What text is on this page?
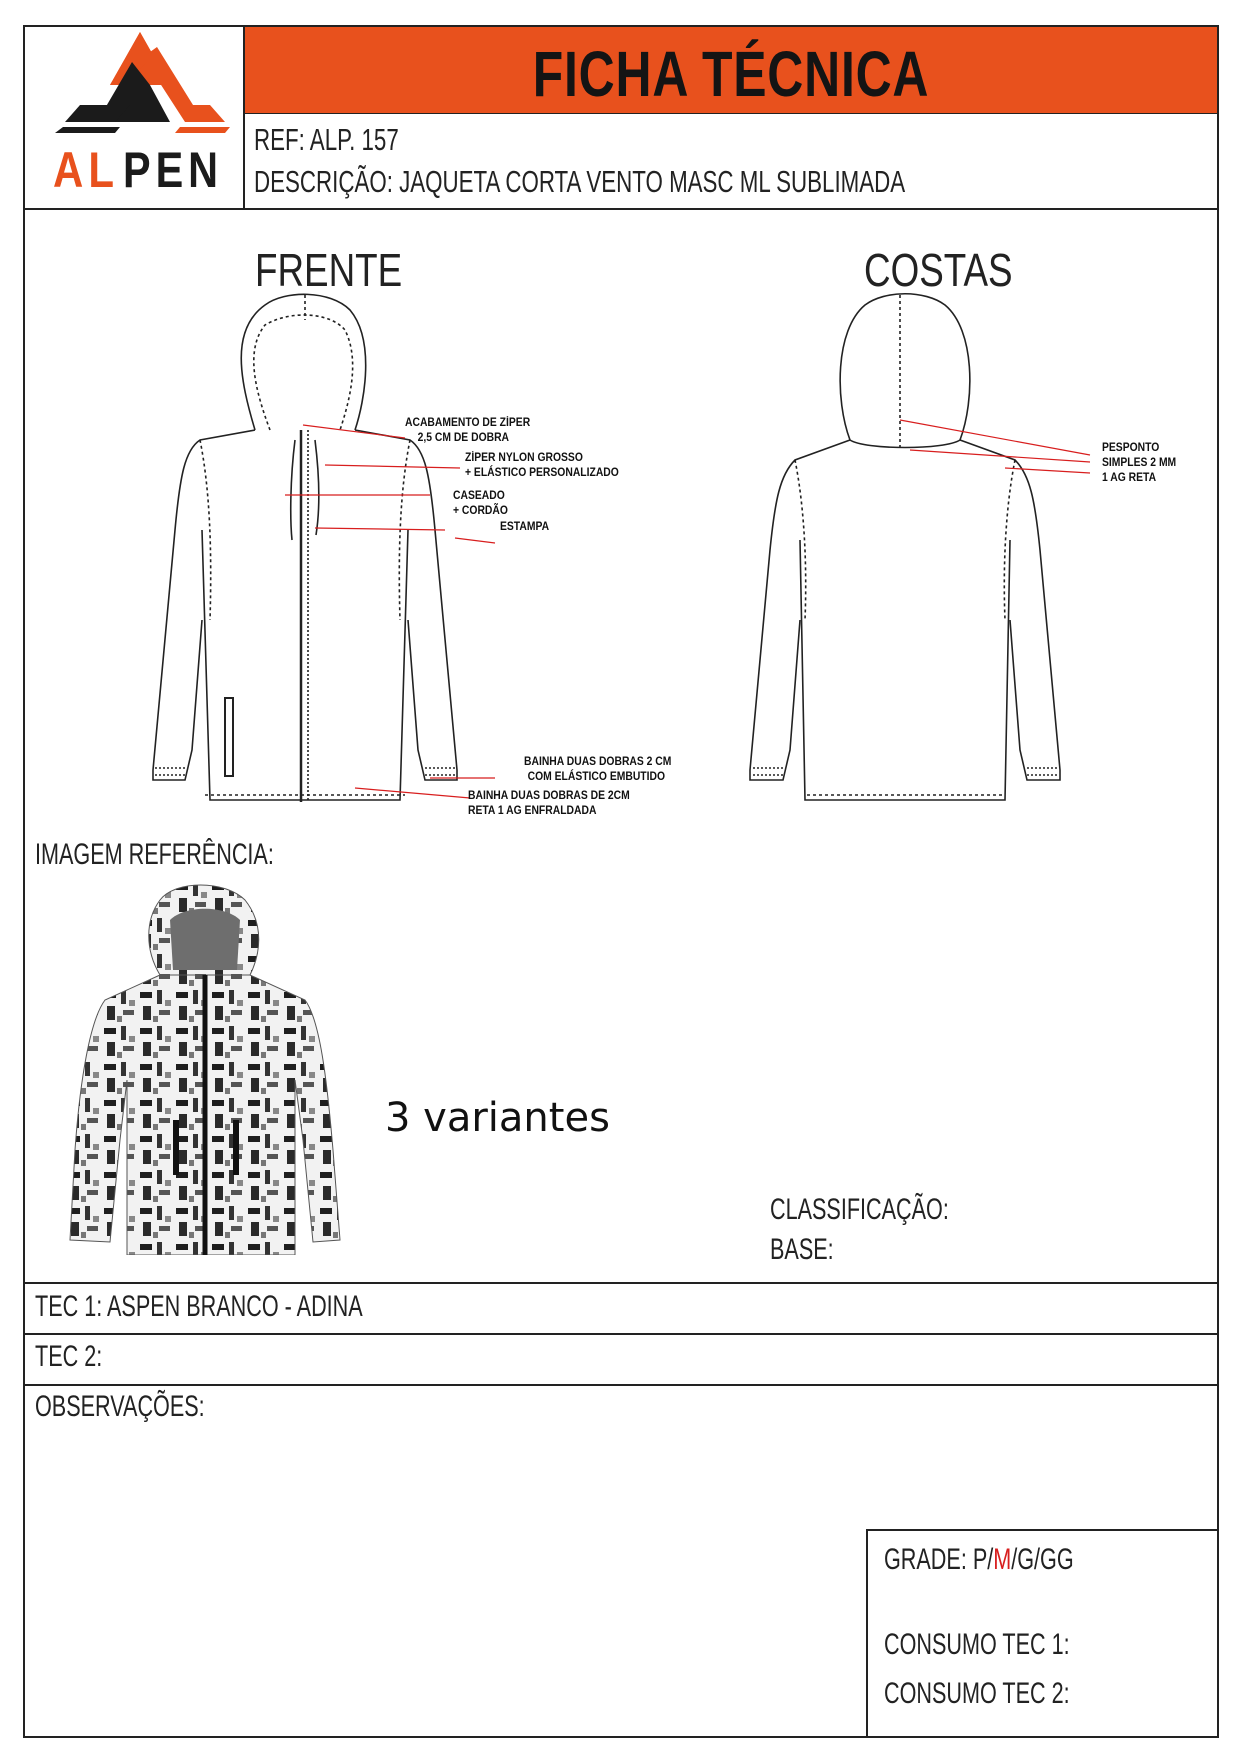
AL PEN
FICHA TÉCNICA
REF: ALP. 157
DESCRIÇÃO: JAQUETA CORTA VENTO MASC ML SUBLIMADA
FRENTE	COSTAS
ACABAMENTO DE ZÍPER
2,5 CM DE DOBRA
ZÍPER NYLON GROSSO
+ ELÁSTICO PERSONALIZADO
CASEADO
+ CORDÃO
ESTAMPA
BAINHA DUAS DOBRAS 2 CM
COM ELÁSTICO EMBUTIDO
BAINHA DUAS DOBRAS DE 2CM
RETA 1 AG ENFRALDADA
PESPONTO
SIMPLES 2 MM
1 AG RETA
IMAGEM REFERÊNCIA:
3 variantes
CLASSIFICAÇÃO:
BASE:
TEC 1: ASPEN BRANCO - ADINA
TEC 2:
OBSERVAÇÕES:
GRADE: P/M/G/GG
CONSUMO TEC 1:
CONSUMO TEC 2:
